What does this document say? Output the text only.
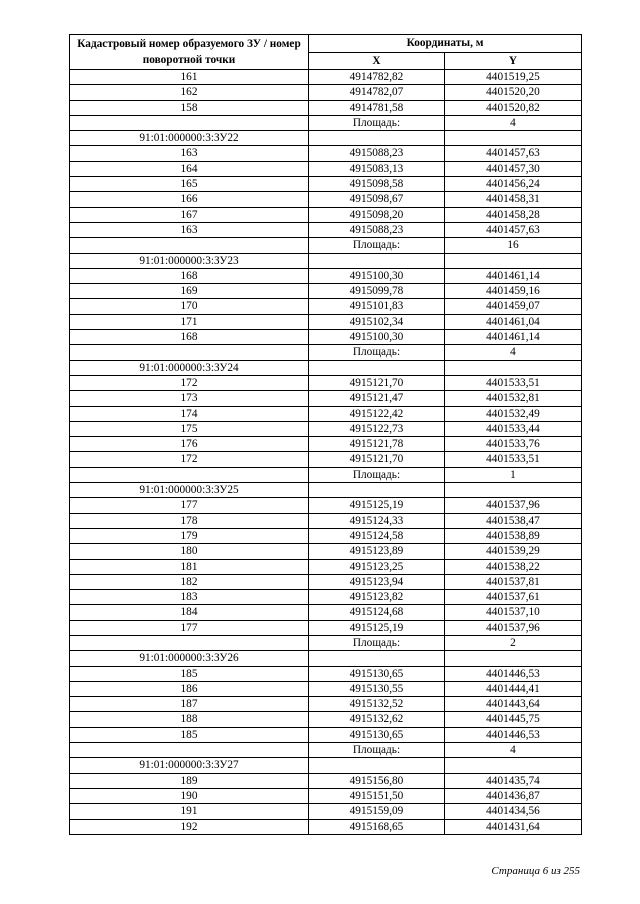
Кадастровый номер образуемого ЗУ / номер поворотной точки	Координаты, м	
	X	Y
161	4914782,82	4401519,25
162	4914782,07	4401520,20
158	4914781,58	4401520,82
	Площадь:	4
91:01:000000:3:ЗУ22		
163	4915088,23	4401457,63
164	4915083,13	4401457,30
165	4915098,58	4401456,24
166	4915098,67	4401458,31
167	4915098,20	4401458,28
163	4915088,23	4401457,63
	Площадь:	16
91:01:000000:3:ЗУ23		
168	4915100,30	4401461,14
169	4915099,78	4401459,16
170	4915101,83	4401459,07
171	4915102,34	4401461,04
168	4915100,30	4401461,14
	Площадь:	4
91:01:000000:3:ЗУ24		
172	4915121,70	4401533,51
173	4915121,47	4401532,81
174	4915122,42	4401532,49
175	4915122,73	4401533,44
176	4915121,78	4401533,76
172	4915121,70	4401533,51
	Площадь:	1
91:01:000000:3:ЗУ25		
177	4915125,19	4401537,96
178	4915124,33	4401538,47
179	4915124,58	4401538,89
180	4915123,89	4401539,29
181	4915123,25	4401538,22
182	4915123,94	4401537,81
183	4915123,82	4401537,61
184	4915124,68	4401537,10
177	4915125,19	4401537,96
	Площадь:	2
91:01:000000:3:ЗУ26		
185	4915130,65	4401446,53
186	4915130,55	4401444,41
187	4915132,52	4401443,64
188	4915132,62	4401445,75
185	4915130,65	4401446,53
	Площадь:	4
91:01:000000:3:ЗУ27		
189	4915156,80	4401435,74
190	4915151,50	4401436,87
191	4915159,09	4401434,56
192	4915168,65	4401431,64
Страница 6 из 255
